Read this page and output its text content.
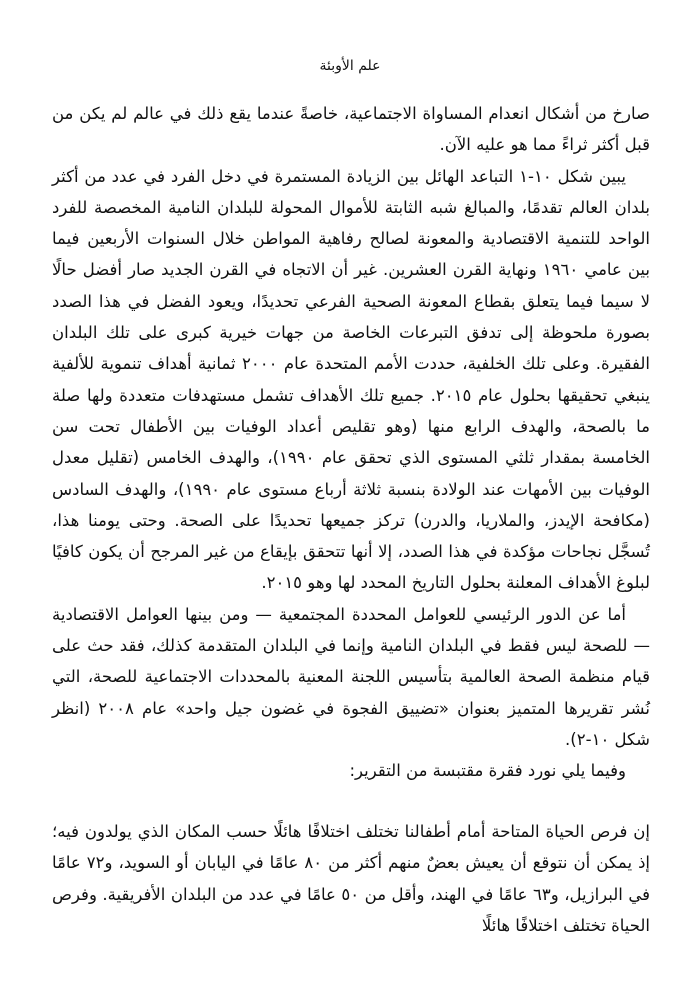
علم الأوبئة

صارخ من أشكال انعدام المساواة الاجتماعية، خاصةً عندما يقع ذلك في عالم لم يكن من قبل أكثر ثراءً مما هو عليه الآن.

يبين شكل ١٠-١ التباعد الهائل بين الزيادة المستمرة في دخل الفرد في عدد من أكثر بلدان العالم تقدمًا، والمبالغ شبه الثابتة للأموال المحولة للبلدان النامية المخصصة للفرد الواحد للتنمية الاقتصادية والمعونة لصالح رفاهية المواطن خلال السنوات الأربعين فيما بين عامي ١٩٦٠ ونهاية القرن العشرين. غير أن الاتجاه في القرن الجديد صار أفضل حالًا لا سيما فيما يتعلق بقطاع المعونة الصحية الفرعي تحديدًا، ويعود الفضل في هذا الصدد بصورة ملحوظة إلى تدفق التبرعات الخاصة من جهات خيرية كبرى على تلك البلدان الفقيرة. وعلى تلك الخلفية، حددت الأمم المتحدة عام ٢٠٠٠ ثمانية أهداف تنموية للألفية ينبغي تحقيقها بحلول عام ٢٠١٥. جميع تلك الأهداف تشمل مستهدفات متعددة ولها صلة ما بالصحة، والهدف الرابع منها (وهو تقليص أعداد الوفيات بين الأطفال تحت سن الخامسة بمقدار ثلثي المستوى الذي تحقق عام ١٩٩٠)، والهدف الخامس (تقليل معدل الوفيات بين الأمهات عند الولادة بنسبة ثلاثة أرباع مستوى عام ١٩٩٠)، والهدف السادس (مكافحة الإيدز، والملاريا، والدرن) تركز جميعها تحديدًا على الصحة. وحتى يومنا هذا، تُسجَّل نجاحات مؤكدة في هذا الصدد، إلا أنها تتحقق بإيقاع من غير المرجح أن يكون كافيًا لبلوغ الأهداف المعلنة بحلول التاريخ المحدد لها وهو ٢٠١٥.

أما عن الدور الرئيسي للعوامل المحددة المجتمعية — ومن بينها العوامل الاقتصادية — للصحة ليس فقط في البلدان النامية وإنما في البلدان المتقدمة كذلك، فقد حث على قيام منظمة الصحة العالمية بتأسيس اللجنة المعنية بالمحددات الاجتماعية للصحة، التي نُشر تقريرها المتميز بعنوان «تضييق الفجوة في غضون جيل واحد» عام ٢٠٠٨ (انظر شكل ١٠-٢).

وفيما يلي نورد فقرة مقتبسة من التقرير:

إن فرص الحياة المتاحة أمام أطفالنا تختلف اختلافًا هائلًا حسب المكان الذي يولدون فيه؛ إذ يمكن أن نتوقع أن يعيش بعضٌ منهم أكثر من ٨٠ عامًا في اليابان أو السويد، و٧٢ عامًا في البرازيل، و٦٣ عامًا في الهند، وأقل من ٥٠ عامًا في عدد من البلدان الأفريقية. وفرص الحياة تختلف اختلافًا هائلًا
